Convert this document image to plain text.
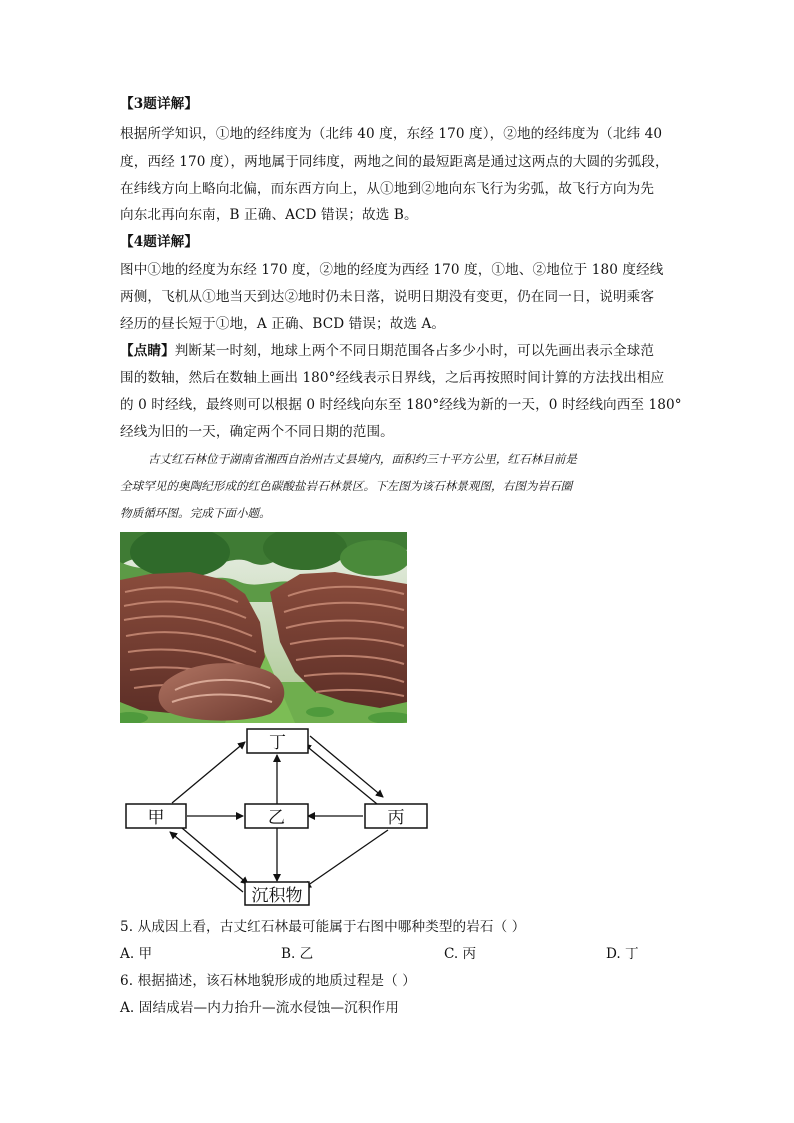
【3题详解】
根据所学知识，①地的经纬度为（北纬 40 度，东经 170 度），②地的经纬度为（北纬 40
度，西经 170 度），两地属于同纬度，两地之间的最短距离是通过这两点的大圆的劣弧段，
在纬线方向上略向北偏，而东西方向上，从①地到②地向东飞行为劣弧，故飞行方向为先
向东北再向东南，B 正确、ACD 错误；故选 B。
【4题详解】
图中①地的经度为东经 170 度，②地的经度为西经 170 度，①地、②地位于 180 度经线
两侧，飞机从①地当天到达②地时仍未日落，说明日期没有变更，仍在同一日，说明乘客
经历的昼长短于①地，A 正确、BCD 错误；故选 A。
【点睛】判断某一时刻，地球上两个不同日期范围各占多少小时，可以先画出表示全球范
围的数轴，然后在数轴上画出 180°经线表示日界线，之后再按照时间计算的方法找出相应
的 0 时经线，最终则可以根据 0 时经线向东至 180°经线为新的一天，0 时经线向西至 180°
经线为旧的一天，确定两个不同日期的范围。
古丈红石林位于湖南省湘西自治州古丈县境内，面积约三十平方公里，红石林目前是
全球罕见的奥陶纪形成的红色碳酸盐岩石林景区。下左图为该石林景观图，右图为岩石圈
物质循环图。完成下面小题。
丁
甲	乙	丙
沉积物
5. 从成因上看，古丈红石林最可能属于右图中哪种类型的岩石（ ）
A. 甲	B. 乙	C. 丙	D. 丁
6. 根据描述，该石林地貌形成的地质过程是（ ）
A. 固结成岩—内力抬升—流水侵蚀—沉积作用
